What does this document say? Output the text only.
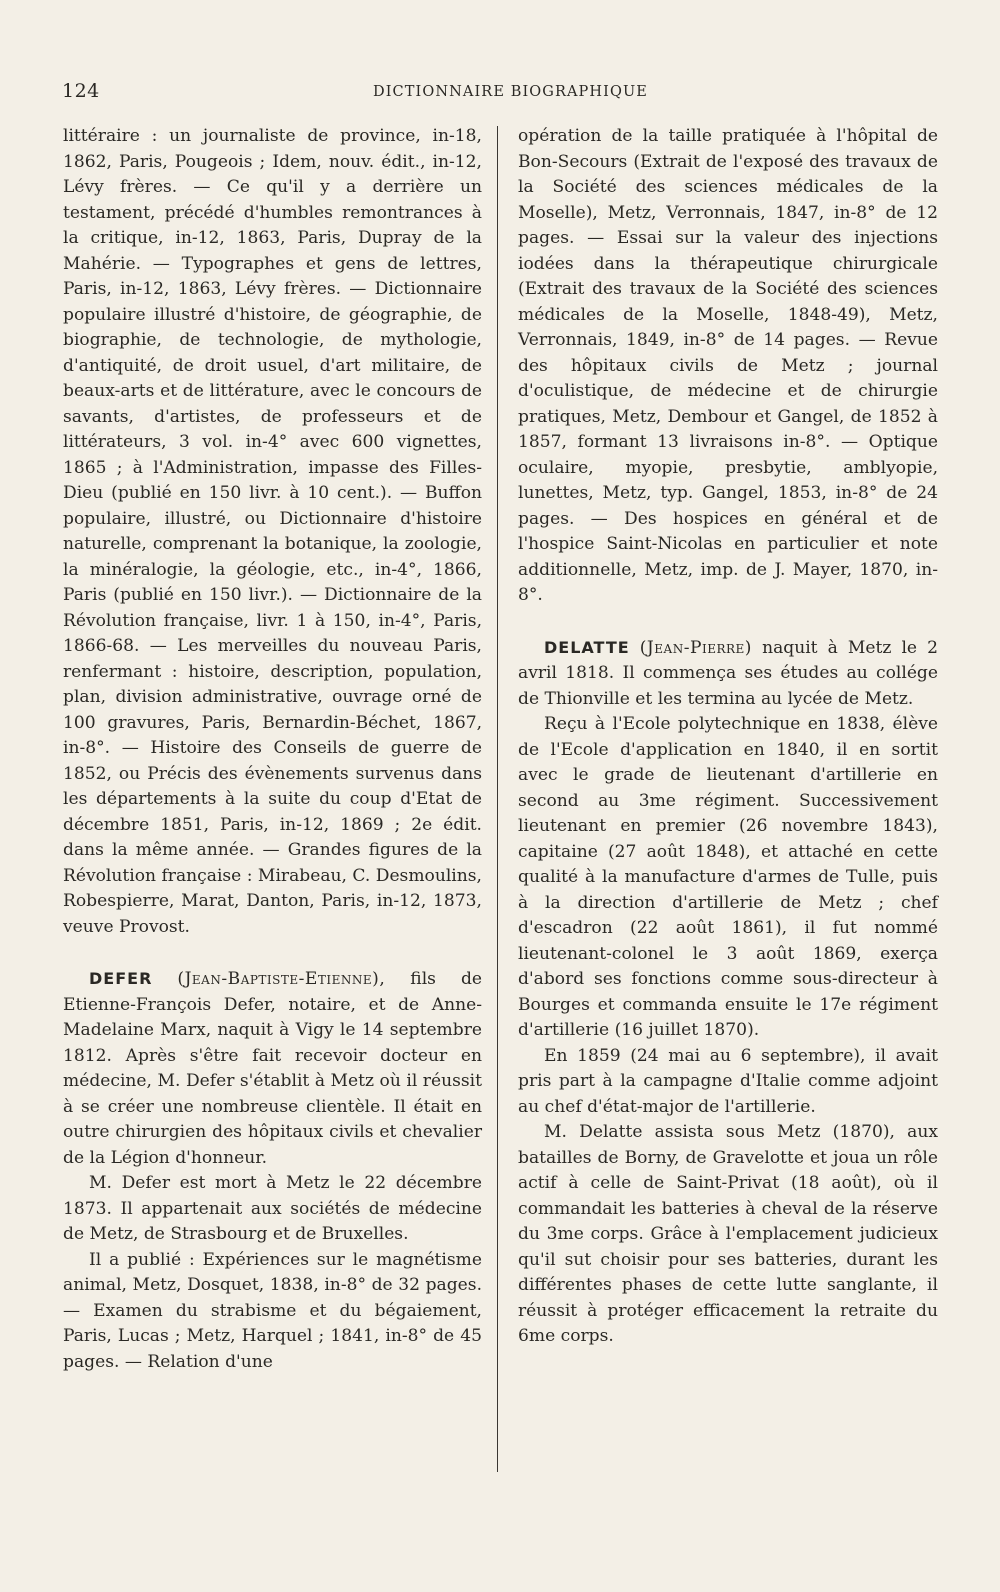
124	DICTIONNAIRE BIOGRAPHIQUE

littéraire : un journaliste de province, in-18, 1862, Paris, Pougeois ; Idem, nouv. édit., in-12, Lévy frères. — Ce qu'il y a derrière un testament, précédé d'humbles remontrances à la critique, in-12, 1863, Paris, Dupray de la Mahérie. — Typographes et gens de lettres, Paris, in-12, 1863, Lévy frères. — Dictionnaire populaire illustré d'histoire, de géographie, de biographie, de technologie, de mythologie, d'antiquité, de droit usuel, d'art militaire, de beaux-arts et de littérature, avec le concours de savants, d'artistes, de professeurs et de littérateurs, 3 vol. in-4° avec 600 vignettes, 1865 ; à l'Administration, impasse des Filles-Dieu (publié en 150 livr. à 10 cent.). — Buffon populaire, illustré, ou Dictionnaire d'histoire naturelle, comprenant la botanique, la zoologie, la minéralogie, la géologie, etc., in-4°, 1866, Paris (publié en 150 livr.). — Dictionnaire de la Révolution française, livr. 1 à 150, in-4°, Paris, 1866-68. — Les merveilles du nouveau Paris, renfermant : histoire, description, population, plan, division administrative, ouvrage orné de 100 gravures, Paris, Bernardin-Béchet, 1867, in-8°. — Histoire des Conseils de guerre de 1852, ou Précis des évènements survenus dans les départements à la suite du coup d'Etat de décembre 1851, Paris, in-12, 1869 ; 2e édit. dans la même année. — Grandes figures de la Révolution française : Mirabeau, C. Desmoulins, Robespierre, Marat, Danton, Paris, in-12, 1873, veuve Provost.

DEFER (Jean-Baptiste-Etienne), fils de Etienne-François Defer, notaire, et de Anne-Madelaine Marx, naquit à Vigy le 14 septembre 1812. Après s'être fait recevoir docteur en médecine, M. Defer s'établit à Metz où il réussit à se créer une nombreuse clientèle. Il était en outre chirurgien des hôpitaux civils et chevalier de la Légion d'honneur.

M. Defer est mort à Metz le 22 décembre 1873. Il appartenait aux sociétés de médecine de Metz, de Strasbourg et de Bruxelles.

Il a publié : Expériences sur le magnétisme animal, Metz, Dosquet, 1838, in-8° de 32 pages. — Examen du strabisme et du bégaiement, Paris, Lucas ; Metz, Harquel ; 1841, in-8° de 45 pages. — Relation d'une

opération de la taille pratiquée à l'hôpital de Bon-Secours (Extrait de l'exposé des travaux de la Société des sciences médicales de la Moselle), Metz, Verronnais, 1847, in-8° de 12 pages. — Essai sur la valeur des injections iodées dans la thérapeutique chirurgicale (Extrait des travaux de la Société des sciences médicales de la Moselle, 1848-49), Metz, Verronnais, 1849, in-8° de 14 pages. — Revue des hôpitaux civils de Metz ; journal d'oculistique, de médecine et de chirurgie pratiques, Metz, Dembour et Gangel, de 1852 à 1857, formant 13 livraisons in-8°. — Optique oculaire, myopie, presbytie, amblyopie, lunettes, Metz, typ. Gangel, 1853, in-8° de 24 pages. — Des hospices en général et de l'hospice Saint-Nicolas en particulier et note additionnelle, Metz, imp. de J. Mayer, 1870, in-8°.

DELATTE (Jean-Pierre) naquit à Metz le 2 avril 1818. Il commença ses études au collége de Thionville et les termina au lycée de Metz.

Reçu à l'Ecole polytechnique en 1838, élève de l'Ecole d'application en 1840, il en sortit avec le grade de lieutenant d'artillerie en second au 3me régiment. Successivement lieutenant en premier (26 novembre 1843), capitaine (27 août 1848), et attaché en cette qualité à la manufacture d'armes de Tulle, puis à la direction d'artillerie de Metz ; chef d'escadron (22 août 1861), il fut nommé lieutenant-colonel le 3 août 1869, exerça d'abord ses fonctions comme sous-directeur à Bourges et commanda ensuite le 17e régiment d'artillerie (16 juillet 1870).

En 1859 (24 mai au 6 septembre), il avait pris part à la campagne d'Italie comme adjoint au chef d'état-major de l'artillerie.

M. Delatte assista sous Metz (1870), aux batailles de Borny, de Gravelotte et joua un rôle actif à celle de Saint-Privat (18 août), où il commandait les batteries à cheval de la réserve du 3me corps. Grâce à l'emplacement judicieux qu'il sut choisir pour ses batteries, durant les différentes phases de cette lutte sanglante, il réussit à protéger efficacement la retraite du 6me corps.
